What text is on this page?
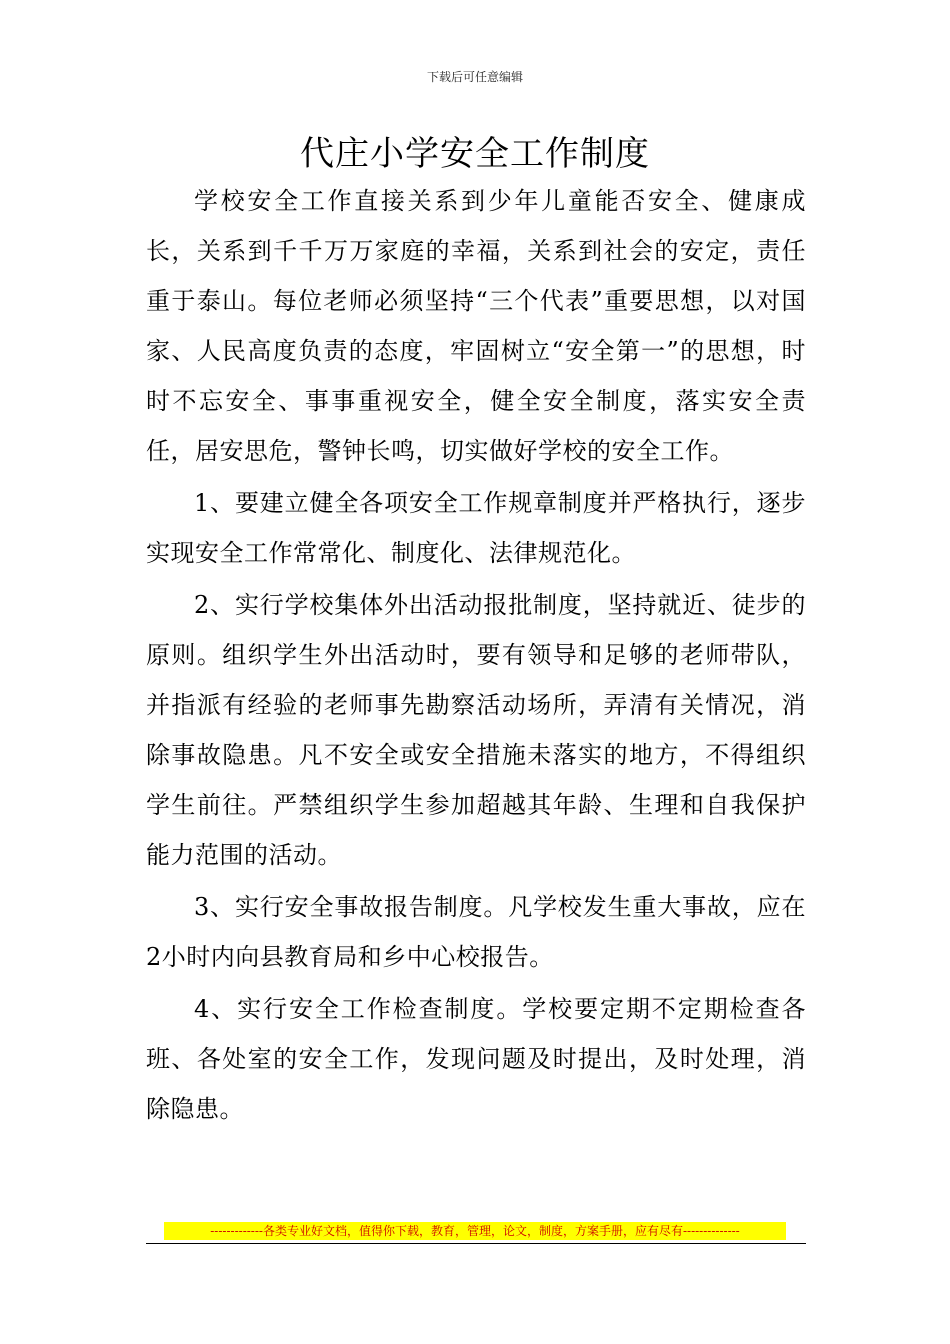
下载后可任意编辑
代庄小学安全工作制度

学校安全工作直接关系到少年儿童能否安全、健康成长，关系到千千万万家庭的幸福，关系到社会的安定，责任重于泰山。每位老师必须坚持“三个代表”重要思想，以对国家、人民高度负责的态度，牢固树立“安全第一”的思想，时时不忘安全、事事重视安全，健全安全制度，落实安全责任，居安思危，警钟长鸣，切实做好学校的安全工作。

1、要建立健全各项安全工作规章制度并严格执行，逐步实现安全工作常常化、制度化、法律规范化。

2、实行学校集体外出活动报批制度，坚持就近、徒步的原则。组织学生外出活动时，要有领导和足够的老师带队，并指派有经验的老师事先勘察活动场所，弄清有关情况，消除事故隐患。凡不安全或安全措施未落实的地方，不得组织学生前往。严禁组织学生参加超越其年龄、生理和自我保护能力范围的活动。

3、实行安全事故报告制度。凡学校发生重大事故，应在2小时内向县教育局和乡中心校报告。

4、实行安全工作检查制度。学校要定期不定期检查各班、各处室的安全工作，发现问题及时提出，及时处理，消除隐患。

-------------各类专业好文档，值得你下载，教育，管理，论文，制度，方案手册，应有尽有--------------
